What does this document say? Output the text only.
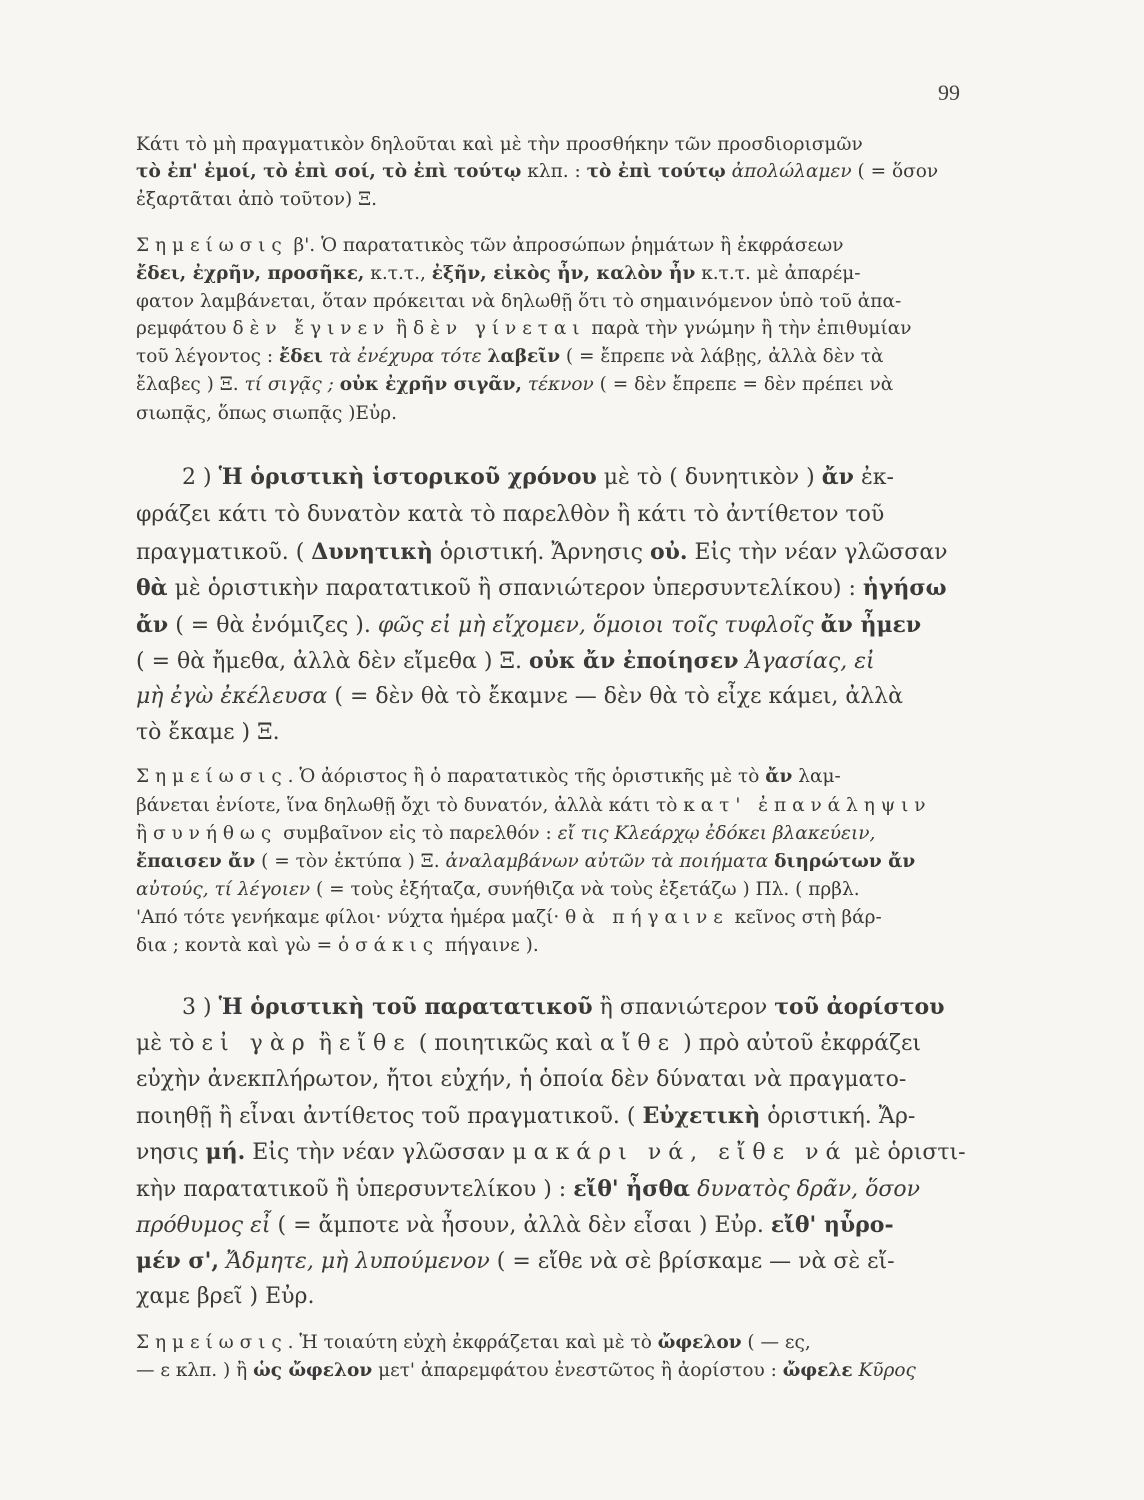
99
Κάτι τὸ μὴ πραγματικὸν δηλοῦται καὶ μὲ τὴν προσθήκην τῶν προσδιορισμῶν
τὸ ἐπ' ἐμοί, τὸ ἐπὶ σοί, τὸ ἐπὶ τούτῳ κλπ. : τὸ ἐπὶ τούτῳ ἀπολώλαμεν ( = ὅσον
ἐξαρτᾶται ἀπὸ τοῦτον) Ξ.
Σημείωσις β'. Ὁ παρατατικὸς τῶν ἀπροσώπων ῥημάτων ἢ ἐκφράσεων
ἔδει, ἐχρῆν, προσῆκε, κ.τ.τ., ἐξῆν, εἰκὸς ἦν, καλὸν ἦν κ.τ.τ. μὲ ἀπαρέμ-
φατον λαμβάνεται, ὅταν πρόκειται νὰ δηλωθῇ ὅτι τὸ σημαινόμενον ὑπὸ τοῦ ἀπα-
ρεμφάτου δὲν ἔγινεν ἢ δὲν γίνεται παρὰ τὴν γνώμην ἢ τὴν ἐπιθυμίαν
τοῦ λέγοντος : ἔδει τὰ ἐνέχυρα τότε λαβεῖν ( = ἔπρεπε νὰ λάβῃς, ἀλλὰ δὲν τὰ
ἔλαβες ) Ξ. τί σιγᾷς ; οὐκ ἐχρῆν σιγᾶν, τέκνον ( = δὲν ἔπρεπε = δὲν πρέπει νὰ
σιωπᾷς, ὅπως σιωπᾷς )Εὐρ.
2 ) Ἡ ὁριστικὴ ἱστορικοῦ χρόνου μὲ τὸ ( δυνητικὸν ) ἄν ἐκ-
φράζει κάτι τὸ δυνατὸν κατὰ τὸ παρελθὸν ἢ κάτι τὸ ἀντίθετον τοῦ
πραγματικοῦ. ( Δυνητικὴ ὁριστική. Ἄρνησις οὐ. Εἰς τὴν νέαν γλῶσσαν
θὰ μὲ ὁριστικὴν παρατατικοῦ ἢ σπανιώτερον ὑπερσυντελίκου) : ἡγήσω
ἄν ( = θὰ ἐνόμιζες ). φῶς εἰ μὴ εἴχομεν, ὅμοιοι τοῖς τυφλοῖς ἄν ἦμεν
( = θὰ ἤμεθα, ἀλλὰ δὲν εἴμεθα ) Ξ. οὐκ ἄν ἐποίησεν Ἀγασίας, εἰ
μὴ ἐγὼ ἐκέλευσα ( = δὲν θὰ τὸ ἔκαμνε — δὲν θὰ τὸ εἶχε κάμει, ἀλλὰ
τὸ ἔκαμε ) Ξ.
Σημείωσις. Ὁ ἀόριστος ἢ ὁ παρατατικὸς τῆς ὁριστικῆς μὲ τὸ ἄν λαμ-
βάνεται ἐνίοτε, ἵνα δηλωθῇ ὄχι τὸ δυνατόν, ἀλλὰ κάτι τὸ κατ' ἐπανάληψιν
ἢ συνήθως συμβαῖνον εἰς τὸ παρελθόν : εἴ τις Κλεάρχῳ ἐδόκει βλακεύειν,
ἔπαισεν ἄν ( = τὸν ἐκτύπα ) Ξ. ἀναλαμβάνων αὐτῶν τὰ ποιήματα διηρώτων ἄν
αὐτούς, τί λέγοιεν ( = τοὺς ἐξήταζα, συνήθιζα νὰ τοὺς ἐξετάζω ) Πλ. ( πρβλ.
'Από τότε γενήκαμε φίλοι· νύχτα ἡμέρα μαζί· θὰ πήγαινε κεῖνος στὴ βάρ-
δια ; κοντὰ καὶ γὼ = ὁσάκις πήγαινε ).
3 ) Ἡ ὁριστικὴ τοῦ παρατατικοῦ ἢ σπανιώτερον τοῦ ἀορίστου
μὲ τὸ εἰ γὰρ ἢ εἴθε ( ποιητικῶς καὶ αἴθε ) πρὸ αὐτοῦ ἐκφράζει
εὐχὴν ἀνεκπλήρωτον, ἤτοι εὐχήν, ἡ ὁποία δὲν δύναται νὰ πραγματο-
ποιηθῇ ἢ εἶναι ἀντίθετος τοῦ πραγματικοῦ. ( Εὐχετικὴ ὁριστική. Ἄρ-
νησις μή. Εἰς τὴν νέαν γλῶσσαν μακάρι νά, εἴθε νά μὲ ὁριστι-
κὴν παρατατικοῦ ἢ ὑπερσυντελίκου ) : εἴθ' ἦσθα δυνατὸς δρᾶν, ὅσον
πρόθυμος εἶ ( = ἄμποτε νὰ ἦσουν, ἀλλὰ δὲν εἶσαι ) Εὐρ. εἴθ' ηὗρο-
μέν σ', Ἄδμητε, μὴ λυπούμενον ( = εἴθε νὰ σὲ βρίσκαμε — νὰ σὲ εἴ-
χαμε βρεῖ ) Εὐρ.
Σημείωσις. Ἡ τοιαύτη εὐχὴ ἐκφράζεται καὶ μὲ τὸ ὤφελον ( — ες,
— ε κλπ. ) ἢ ὡς ὤφελον μετ' ἀπαρεμφάτου ἐνεστῶτος ἢ ἀορίστου : ὤφελε Κῦρος
